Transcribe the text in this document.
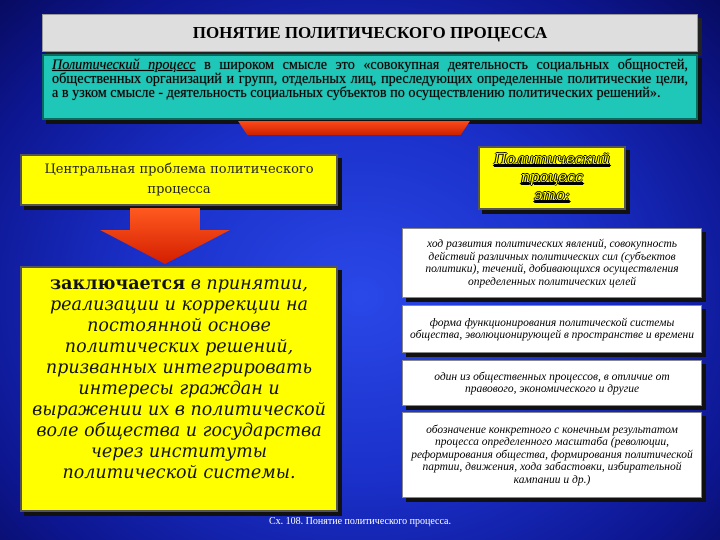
ПОНЯТИЕ ПОЛИТИЧЕСКОГО ПРОЦЕССА
Политический процесс в широком смысле это «совокупная деятельность социальных общностей, общественных организаций и групп, отдельных лиц, преследующих определенные политические цели, а в узком смысле - деятельность социальных субъектов по осуществлению политических решений».
Центральная проблема политического процесса
заключается в принятии, реализации и коррекции на постоянной основе политических решений, призванных интегрировать интересы граждан и выражении их в политической воле общества и государства через институты политической системы.
Политический процесс
это:
ход развития политических явлений, совокупность действий различных политических сил (субъектов политики), течений, добивающихся осуществления определенных политических целей
форма функционирования политической системы общества, эволюционирующей в пространстве и времени
один из общественных процессов, в отличие от правового, экономического и другие
обозначение конкретного с конечным результатом процесса определенного масштаба (революции, реформирования общества, формирования политической партии, движения, хода забастовки, избирательной кампании и др.)
Сх. 108. Понятие политического процесса.
